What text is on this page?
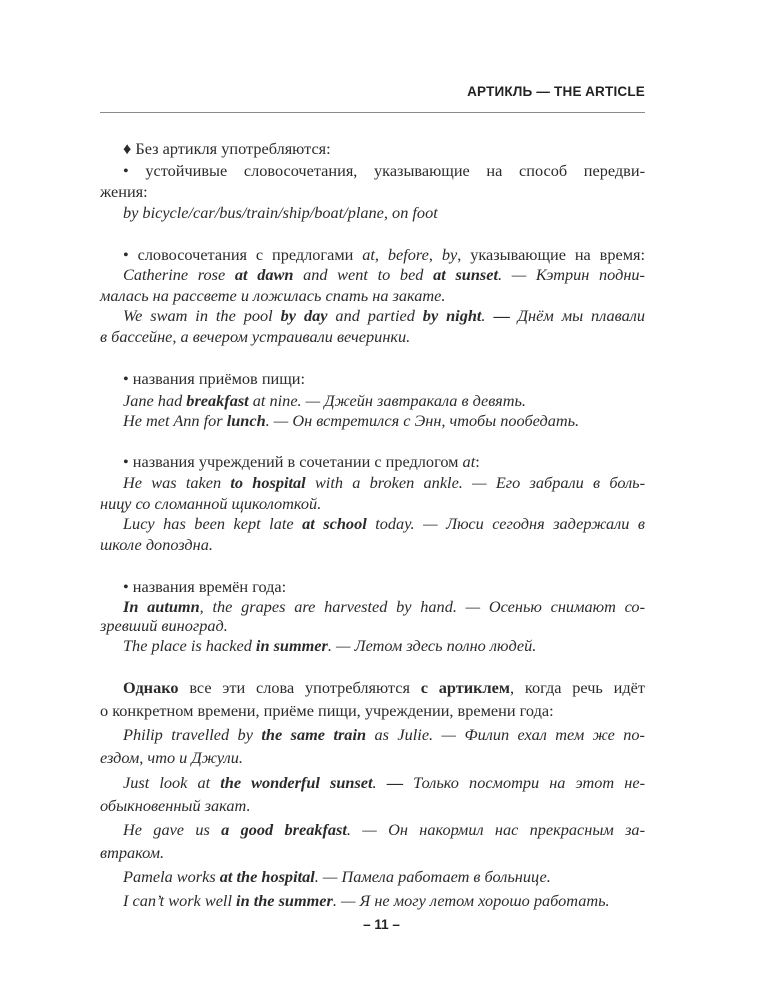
АРТИКЛЬ — THE ARTICLE
♦ Без артикля употребляются:
• устойчивые словосочетания, указывающие на способ передви-
жения:
by bicycle/car/bus/train/ship/boat/plane, on foot
• словосочетания с предлогами at, before, by, указывающие на время:
Catherine rose at dawn and went to bed at sunset. — Кэтрин подни-
малась на рассвете и ложилась спать на закате.
We swam in the pool by day and partied by night. — Днём мы плавали
в бассейне, а вечером устраивали вечеринки.
• названия приёмов пищи:
Jane had breakfast at nine. — Джейн завтракала в девять.
He met Ann for lunch. — Он встретился с Энн, чтобы пообедать.
• названия учреждений в сочетании с предлогом at:
He was taken to hospital with a broken ankle. — Его забрали в боль-
ницу со сломанной щиколоткой.
Lucy has been kept late at school today. — Люси сегодня задержали в
школе допоздна.
• названия времён года:
In autumn, the grapes are harvested by hand. — Осенью снимают со-
зревший виноград.
The place is hacked in summer. — Летом здесь полно людей.
Однако все эти слова употребляются с артиклем, когда речь идёт
о конкретном времени, приёме пищи, учреждении, времени года:
Philip travelled by the same train as Julie. — Филип ехал тем же по-
ездом, что и Джули.
Just look at the wonderful sunset. — Только посмотри на этот не-
обыкновенный закат.
He gave us a good breakfast. — Он накормил нас прекрасным за-
втраком.
Pamela works at the hospital. — Памела работает в больнице.
I can’t work well in the summer. — Я не могу летом хорошо работать.
– 11 –
